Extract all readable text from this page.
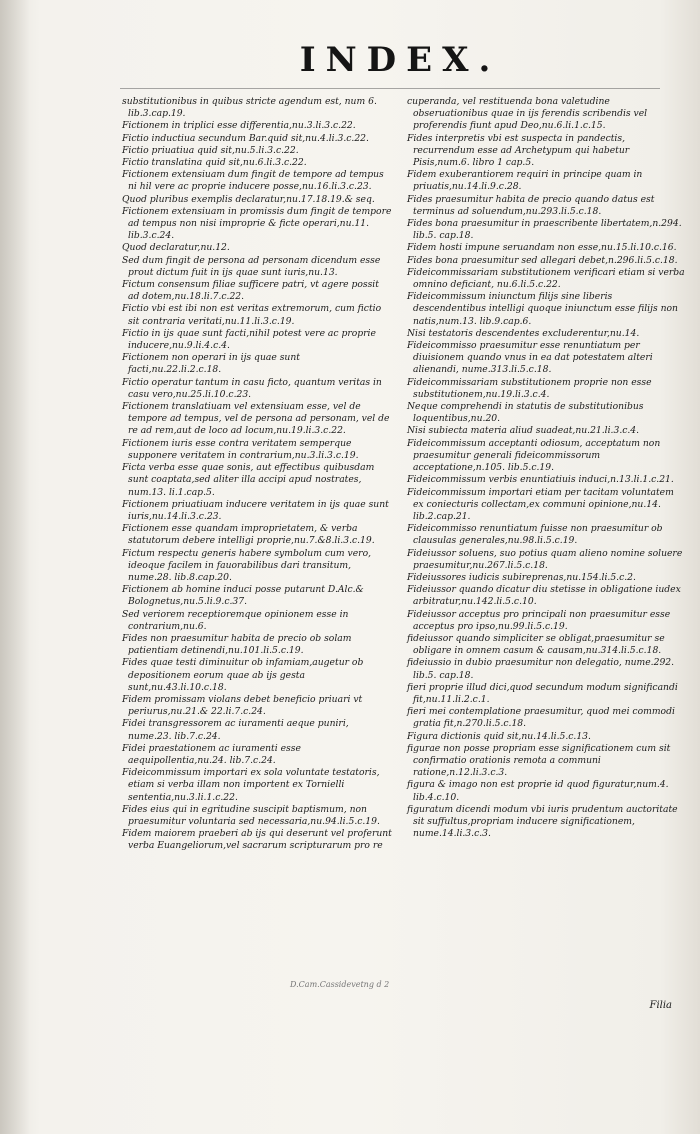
INDEX.

substitutionibus in quibus stricte agendum est, num 6. lib.3.cap.19.

Fictionem in triplici esse differentia,nu.3.li.3.c.22.

Fictio inductiua secundum Bar.quid sit,nu.4.li.3.c.22.

Fictio priuatiua quid sit,nu.5.li.3.c.22.

Fictio translatina quid sit,nu.6.li.3.c.22.

Fictionem extensiuam dum fingit de tempore ad tempus ni hil vere ac proprie inducere posse,nu.16.li.3.c.23.

Quod pluribus exemplis declaratur,nu.17.18.19.& seq.

Fictionem extensiuam in promissis dum fingit de tempore ad tempus non nisi improprie & ficte operari,nu.11. lib.3.c.24.

Quod declaratur,nu.12.

Sed dum fingit de persona ad personam dicendum esse prout dictum fuit in ijs quae sunt iuris,nu.13.

Fictum consensum filiae sufficere patri, vt agere possit ad dotem,nu.18.li.7.c.22.

Fictio vbi est ibi non est veritas extremorum, cum fictio sit contraria veritati,nu.11.li.3.c.19.

Fictio in ijs quae sunt facti,nihil potest vere ac proprie inducere,nu.9.li.4.c.4.

Fictionem non operari in ijs quae sunt facti,nu.22.li.2.c.18.

Fictio operatur tantum in casu ficto, quantum veritas in casu vero,nu.25.li.10.c.23.

Fictionem translatiuam vel extensiuam esse, vel de tempore ad tempus, vel de persona ad personam, vel de re ad rem,aut de loco ad locum,nu.19.li.3.c.22.

Fictionem iuris esse contra veritatem semperque supponere veritatem in contrarium,nu.3.li.3.c.19.

Ficta verba esse quae sonis, aut effectibus quibusdam sunt coaptata,sed aliter illa accipi apud nostrates, num.13. li.1.cap.5.

Fictionem priuatiuam inducere veritatem in ijs quae sunt iuris,nu.14.li.3.c.23.

Fictionem esse quandam improprietatem, & verba statutorum debere intelligi proprie,nu.7.&8.li.3.c.19.

Fictum respectu generis habere symbolum cum vero, ideoque facilem in fauorabilibus dari transitum, nume.28. lib.8.cap.20.

Fictionem ab homine induci posse putarunt D.Alc.& Bolognetus,nu.5.li.9.c.37.

Sed veriorem receptioremque opinionem esse in contrarium,nu.6.

Fides non praesumitur habita de precio ob solam patientiam detinendi,nu.101.li.5.c.19.

Fides quae testi diminuitur ob infamiam,augetur ob depositionem eorum quae ab ijs gesta sunt,nu.43.li.10.c.18.

Fidem promissam violans debet beneficio priuari vt periurus,nu.21.& 22.li.7.c.24.

Fidei transgressorem ac iuramenti aeque puniri, nume.23. lib.7.c.24.

Fidei praestationem ac iuramenti esse aequipollentia,nu.24. lib.7.c.24.

Fideicommissum importari ex sola voluntate testatoris, etiam si verba illam non importent ex Tornielli sententia,nu.3.li.1.c.22.

Fides eius qui in egritudine suscipit baptismum, non praesumitur voluntaria sed necessaria,nu.94.li.5.c.19.

Fidem maiorem praeberi ab ijs qui deserunt vel proferunt verba Euangeliorum,vel sacrarum scripturarum pro re

cuperanda, vel restituenda bona valetudine obseruationibus quae in ijs ferendis scribendis vel proferendis fiunt apud Deo,nu.6.li.1.c.15.

Fides interpretis vbi est suspecta in pandectis, recurrendum esse ad Archetypum qui habetur Pisis,num.6. libro 1 cap.5.

Fidem exuberantiorem requiri in principe quam in priuatis,nu.14.li.9.c.28.

Fides praesumitur habita de precio quando datus est terminus ad soluendum,nu.293.li.5.c.18.

Fides bona praesumitur in praescribente libertatem,n.294. lib.5. cap.18.

Fidem hosti impune seruandam non esse,nu.15.li.10.c.16.

Fides bona praesumitur sed allegari debet,n.296.li.5.c.18.

Fideicommissariam substitutionem verificari etiam si verba omnino deficiant, nu.6.li.5.c.22.

Fideicommissum iniunctum filijs sine liberis descendentibus intelligi quoque iniunctum esse filijs non natis,num.13. lib.9.cap.6.

Nisi testatoris descendentes excluderentur,nu.14.

Fideicommisso praesumitur esse renuntiatum per diuisionem quando vnus in ea dat potestatem alteri alienandi, nume.313.li.5.c.18.

Fideicommissariam substitutionem proprie non esse substitutionem,nu.19.li.3.c.4.

Neque comprehendi in statutis de substitutionibus loquentibus,nu.20.

Nisi subiecta materia aliud suadeat,nu.21.li.3.c.4.

Fideicommissum acceptanti odiosum, acceptatum non praesumitur generali fideicommissorum acceptatione,n.105. lib.5.c.19.

Fideicommissum verbis enuntiatiuis induci,n.13.li.1.c.21.

Fideicommissum importari etiam per tacitam voluntatem ex coniecturis collectam,ex communi opinione,nu.14. lib.2.cap.21.

Fideicommisso renuntiatum fuisse non praesumitur ob clausulas generales,nu.98.li.5.c.19.

Fideiussor soluens, suo potius quam alieno nomine soluere praesumitur,nu.267.li.5.c.18.

Fideiussores iudicis subireprenas,nu.154.li.5.c.2.

Fideiussor quando dicatur diu stetisse in obligatione iudex arbitratur,nu.142.li.5.c.10.

Fideiussor acceptus pro principali non praesumitur esse acceptus pro ipso,nu.99.li.5.c.19.

fideiussor quando simpliciter se obligat,praesumitur se obligare in omnem casum & causam,nu.314.li.5.c.18.

fideiussio in dubio praesumitur non delegatio, nume.292. lib.5. cap.18.

fieri proprie illud dici,quod secundum modum significandi fit,nu.11.li.2.c.1.

fieri mei contemplatione praesumitur, quod mei commodi gratia fit,n.270.li.5.c.18.

Figura dictionis quid sit,nu.14.li.5.c.13.

figurae non posse propriam esse significationem cum sit confirmatio orationis remota a communi ratione,n.12.li.3.c.3.

figura & imago non est proprie id quod figuratur,num.4. lib.4.c.10.

figuratum dicendi modum vbi iuris prudentum auctoritate sit suffultus,propriam inducere significationem, nume.14.li.3.c.3.

D.Cam.Cassidevetng d 2
Filia
